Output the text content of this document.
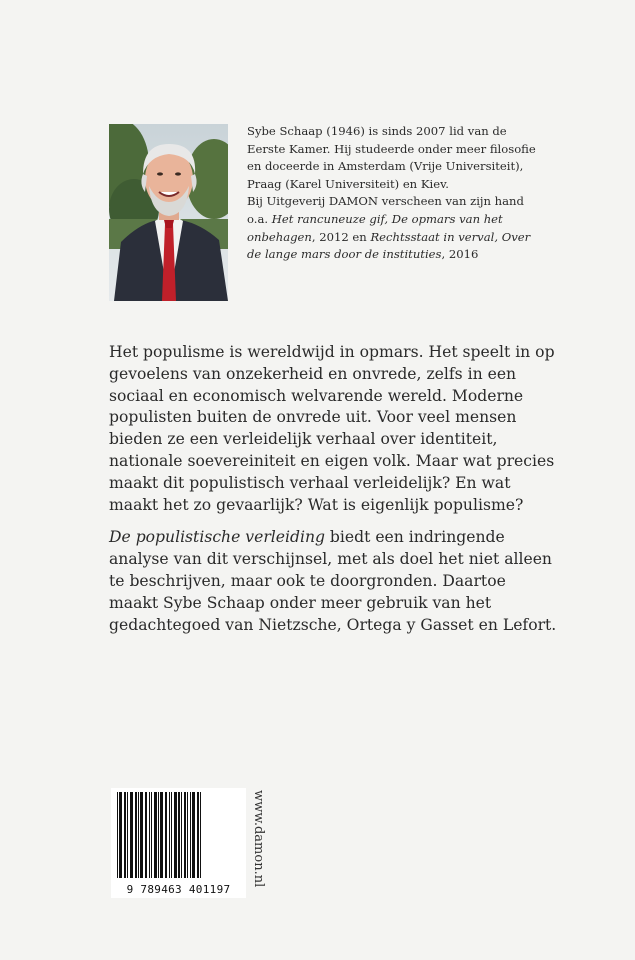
Sybe Schaap (1946) is sinds 2007 lid van de Eerste Kamer. Hij studeerde onder meer filosofie en doceerde in Amsterdam (Vrije Universiteit), Praag (Karel Universiteit) en Kiev.

Bij Uitgeverij DAMON verscheen van zijn hand o.a. Het rancuneuze gif, De opmars van het onbehagen, 2012 en Rechtsstaat in verval, Over de lange mars door de instituties, 2016

Het populisme is wereldwijd in opmars. Het speelt in op gevoelens van onzekerheid en onvrede, zelfs in een sociaal en economisch welvarende wereld. Moderne populisten buiten de onvrede uit. Voor veel mensen bieden ze een verleidelijk verhaal over identiteit, nationale soevereiniteit en eigen volk. Maar wat precies maakt dit populistisch verhaal verleidelijk? En wat maakt het zo gevaarlijk? Wat is eigenlijk populisme?

De populistische verleiding biedt een indringende analyse van dit verschijnsel, met als doel het niet alleen te beschrijven, maar ook te doorgronden. Daartoe maakt Sybe Schaap onder meer gebruik van het gedachtegoed van Nietzsche, Ortega y Gasset en Lefort.

9 789463 401197
www.damon.nl
